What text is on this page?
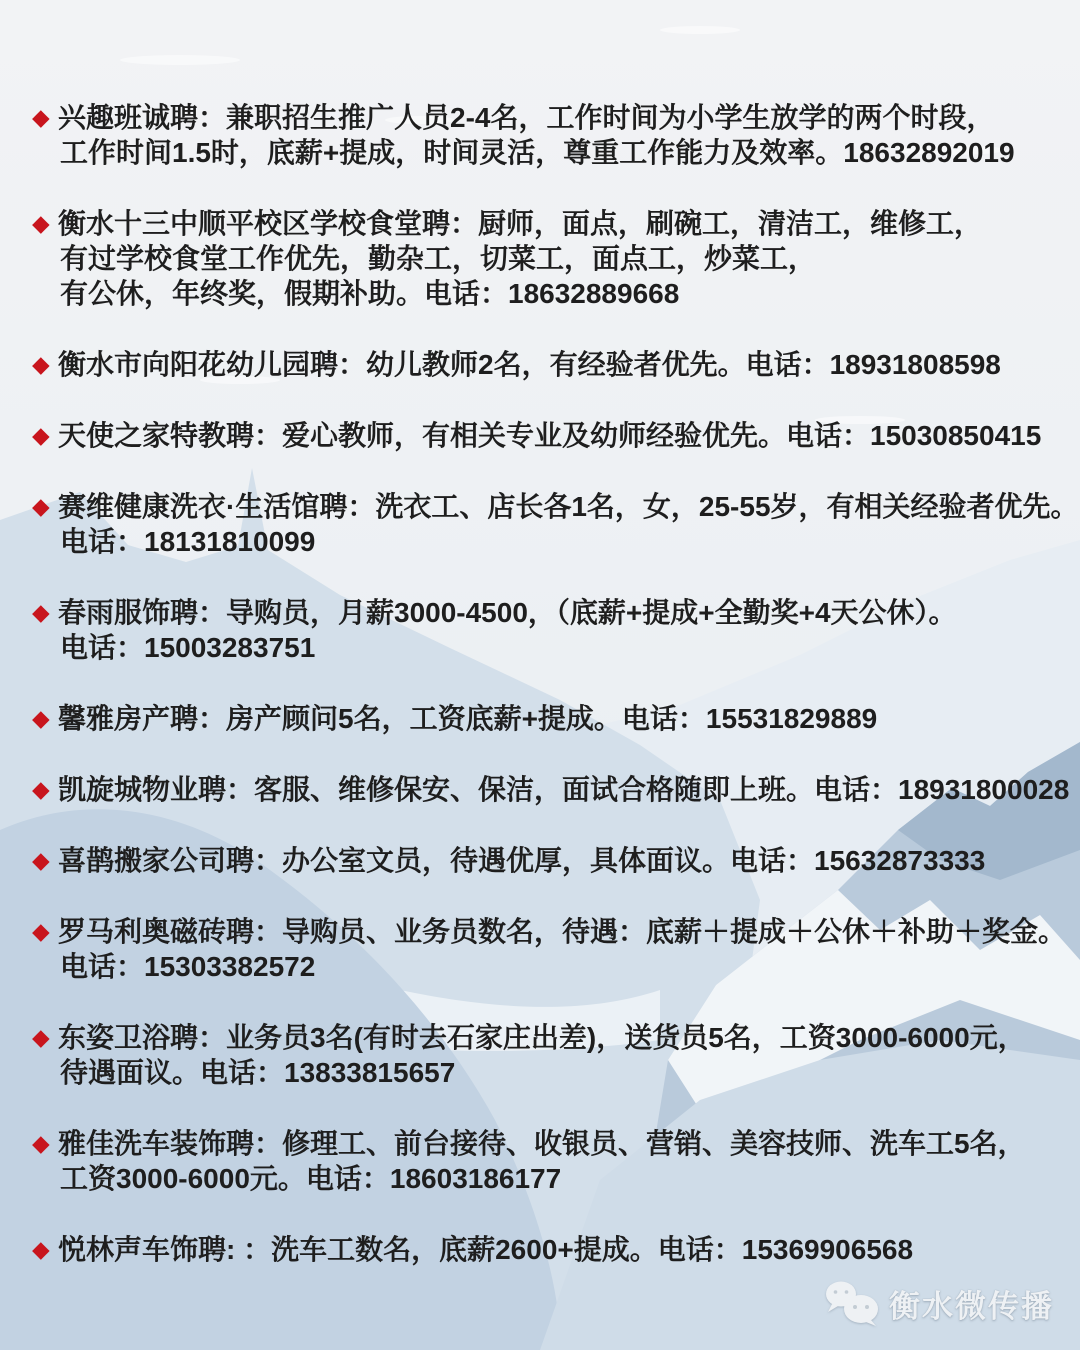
◆ 兴趣班诚聘：兼职招生推广人员2-4名，工作时间为小学生放学的两个时段，
工作时间1.5时，底薪+提成，时间灵活，尊重工作能力及效率。18632892019
◆ 衡水十三中顺平校区学校食堂聘：厨师，面点，刷碗工，清洁工，维修工，
有过学校食堂工作优先，勤杂工，切菜工，面点工，炒菜工，
有公休，年终奖，假期补助。电话：18632889668
◆ 衡水市向阳花幼儿园聘：幼儿教师2名，有经验者优先。电话：18931808598
◆ 天使之家特教聘：爱心教师，有相关专业及幼师经验优先。电话：15030850415
◆ 赛维健康洗衣·生活馆聘：洗衣工、店长各1名，女，25-55岁，有相关经验者优先。
电话：18131810099
◆ 春雨服饰聘：导购员，月薪3000-4500，（底薪+提成+全勤奖+4天公休）。
电话：15003283751
◆ 馨雅房产聘：房产顾问5名，工资底薪+提成。电话：15531829889
◆ 凯旋城物业聘：客服、维修保安、保洁，面试合格随即上班。电话：18931800028
◆ 喜鹊搬家公司聘：办公室文员，待遇优厚，具体面议。电话：15632873333
◆ 罗马利奥磁砖聘：导购员、业务员数名，待遇：底薪＋提成＋公休＋补助＋奖金。
电话：15303382572
◆ 东姿卫浴聘：业务员3名(有时去石家庄出差)，送货员5名，工资3000-6000元，
待遇面议。电话：13833815657
◆ 雅佳洗车装饰聘：修理工、前台接待、收银员、营销、美容技师、洗车工5名，
工资3000-6000元。电话：18603186177
◆ 悦林声车饰聘: ：洗车工数名，底薪2600+提成。电话：15369906568
衡水微传播
